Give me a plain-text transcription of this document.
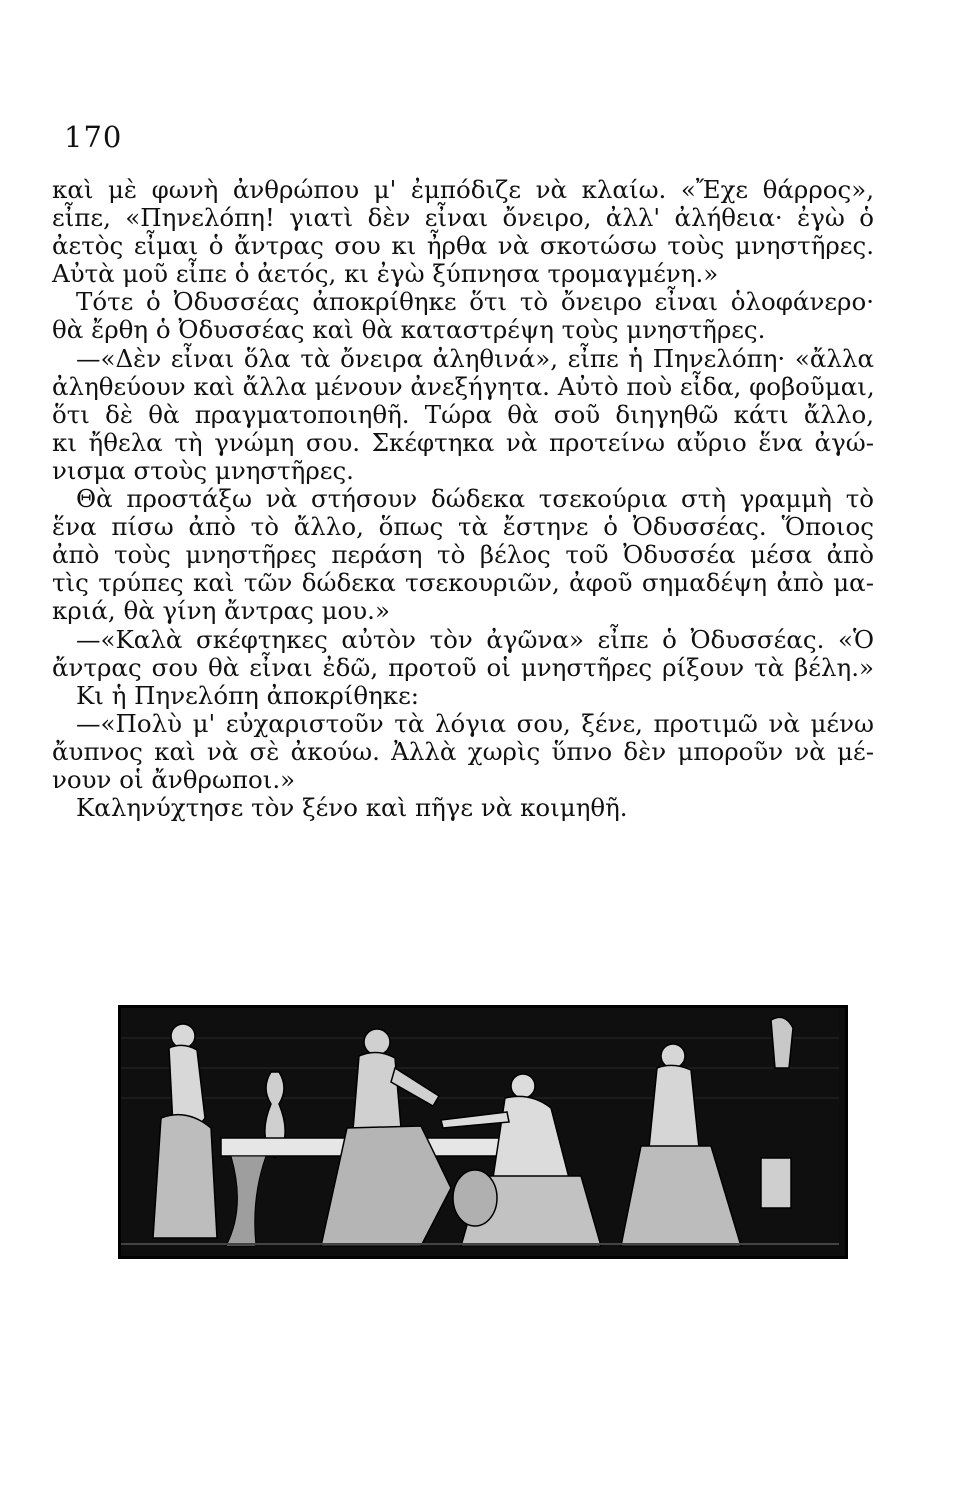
170
καὶ μὲ φωνὴ ἀνθρώπου μ' ἐμπόδιζε νὰ κλαίω. «Ἔχε θάρρος»,
εἶπε, «Πηνελόπη! γιατὶ δὲν εἶναι ὄνειρο, ἀλλ' ἀλήθεια· ἐγὼ ὁ
ἀετὸς εἶμαι ὁ ἄντρας σου κι ἦρθα νὰ σκοτώσω τοὺς μνηστῆρες.
Αὐτὰ μοῦ εἶπε ὁ ἀετός, κι ἐγὼ ξύπνησα τρομαγμένη.»
Τότε ὁ Ὀδυσσέας ἀποκρίθηκε ὅτι τὸ ὄνειρο εἶναι ὁλοφάνερο·
θὰ ἔρθη ὁ Ὀδυσσέας καὶ θὰ καταστρέψη τοὺς μνηστῆρες.
—«Δὲν εἶναι ὅλα τὰ ὄνειρα ἀληθινά», εἶπε ἡ Πηνελόπη· «ἄλλα
ἀληθεύουν καὶ ἄλλα μένουν ἀνεξήγητα. Αὐτὸ ποὺ εἶδα, φοβοῦμαι,
ὅτι δὲ θὰ πραγματοποιηθῆ. Τώρα θὰ σοῦ διηγηθῶ κάτι ἄλλο,
κι ἤθελα τὴ γνώμη σου. Σκέφτηκα νὰ προτείνω αὔριο ἕνα ἀγώ-
νισμα στοὺς μνηστῆρες.
Θὰ προστάξω νὰ στήσουν δώδεκα τσεκούρια στὴ γραμμὴ τὸ
ἕνα πίσω ἀπὸ τὸ ἄλλο, ὅπως τὰ ἔστηνε ὁ Ὀδυσσέας. Ὅποιος
ἀπὸ τοὺς μνηστῆρες περάση τὸ βέλος τοῦ Ὀδυσσέα μέσα ἀπὸ
τὶς τρύπες καὶ τῶν δώδεκα τσεκουριῶν, ἀφοῦ σημαδέψη ἀπὸ μα-
κριά, θὰ γίνη ἄντρας μου.»
—«Καλὰ σκέφτηκες αὐτὸν τὸν ἀγῶνα» εἶπε ὁ Ὀδυσσέας. «Ὁ
ἄντρας σου θὰ εἶναι ἐδῶ, προτοῦ οἱ μνηστῆρες ρίξουν τὰ βέλη.»
Κι ἡ Πηνελόπη ἀποκρίθηκε:
—«Πολὺ μ' εὐχαριστοῦν τὰ λόγια σου, ξένε, προτιμῶ νὰ μένω
ἄυπνος καὶ νὰ σὲ ἀκούω. Ἀλλὰ χωρὶς ὕπνο δὲν μποροῦν νὰ μέ-
νουν οἱ ἄνθρωποι.»
Καληνύχτησε τὸν ξένο καὶ πῆγε νὰ κοιμηθῆ.
